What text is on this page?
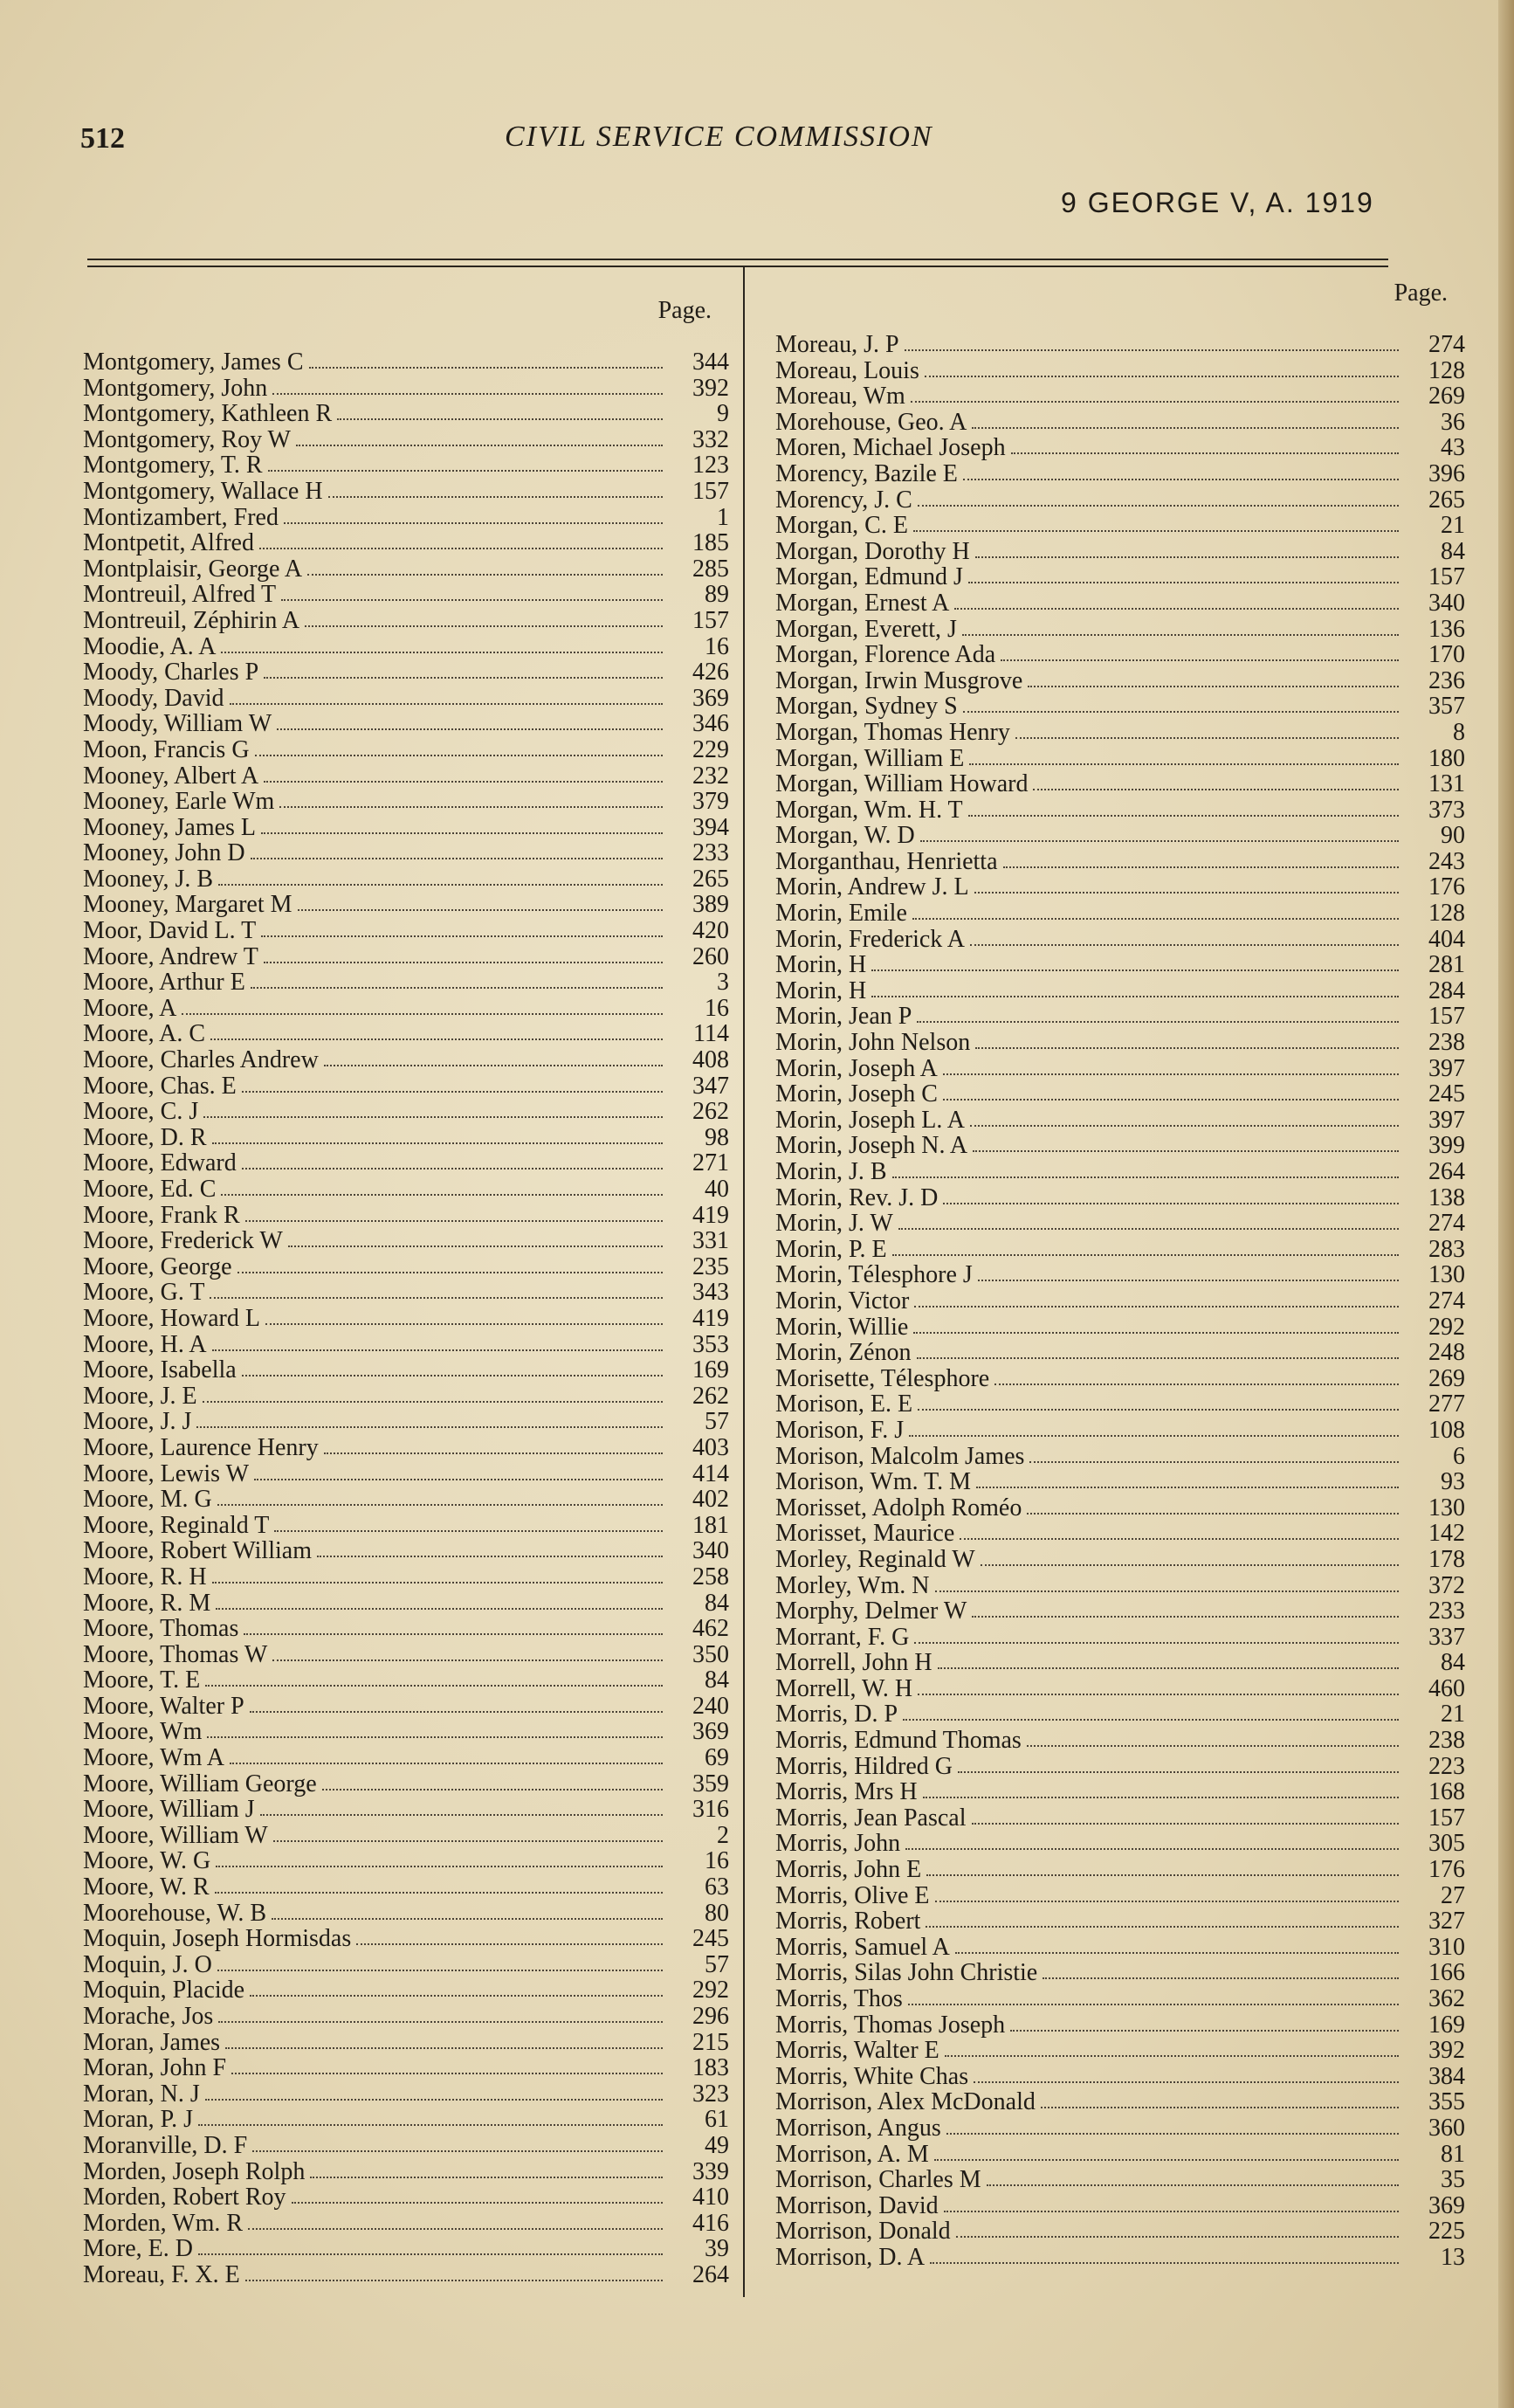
512	CIVIL SERVICE COMMISSION
9 GEORGE V, A. 1919
Page.
Montgomery, James C	344
Montgomery, John	392
Montgomery, Kathleen R	9
Montgomery, Roy W	332
Montgomery, T. R	123
Montgomery, Wallace H	157
Montizambert, Fred	1
Montpetit, Alfred	185
Montplaisir, George A	285
Montreuil, Alfred T	89
Montreuil, Zéphirin A	157
Moodie, A. A	16
Moody, Charles P	426
Moody, David	369
Moody, William W	346
Moon, Francis G	229
Mooney, Albert A	232
Mooney, Earle Wm	379
Mooney, James L	394
Mooney, John D	233
Mooney, J. B	265
Mooney, Margaret M	389
Moor, David L. T	420
Moore, Andrew T	260
Moore, Arthur E	3
Moore, A	16
Moore, A. C	114
Moore, Charles Andrew	408
Moore, Chas. E	347
Moore, C. J	262
Moore, D. R	98
Moore, Edward	271
Moore, Ed. C	40
Moore, Frank R	419
Moore, Frederick W	331
Moore, George	235
Moore, G. T	343
Moore, Howard L	419
Moore, H. A	353
Moore, Isabella	169
Moore, J. E	262
Moore, J. J	57
Moore, Laurence Henry	403
Moore, Lewis W	414
Moore, M. G	402
Moore, Reginald T	181
Moore, Robert William	340
Moore, R. H	258
Moore, R. M	84
Moore, Thomas	462
Moore, Thomas W	350
Moore, T. E	84
Moore, Walter P	240
Moore, Wm	369
Moore, Wm A	69
Moore, William George	359
Moore, William J	316
Moore, William W	2
Moore, W. G	16
Moore, W. R	63
Moorehouse, W. B	80
Moquin, Joseph Hormisdas	245
Moquin, J. O	57
Moquin, Placide	292
Morache, Jos	296
Moran, James	215
Moran, John F	183
Moran, N. J	323
Moran, P. J	61
Moranville, D. F	49
Morden, Joseph Rolph	339
Morden, Robert Roy	410
Morden, Wm. R	416
More, E. D	39
Moreau, F. X. E	264
Page.
Moreau, J. P	274
Moreau, Louis	128
Moreau, Wm	269
Morehouse, Geo. A	36
Moren, Michael Joseph	43
Morency, Bazile E	396
Morency, J. C	265
Morgan, C. E	21
Morgan, Dorothy H	84
Morgan, Edmund J	157
Morgan, Ernest A	340
Morgan, Everett, J	136
Morgan, Florence Ada	170
Morgan, Irwin Musgrove	236
Morgan, Sydney S	357
Morgan, Thomas Henry	8
Morgan, William E	180
Morgan, William Howard	131
Morgan, Wm. H. T	373
Morgan, W. D	90
Morganthau, Henrietta	243
Morin, Andrew J. L	176
Morin, Emile	128
Morin, Frederick A	404
Morin, H	281
Morin, H	284
Morin, Jean P	157
Morin, John Nelson	238
Morin, Joseph A	397
Morin, Joseph C	245
Morin, Joseph L. A	397
Morin, Joseph N. A	399
Morin, J. B	264
Morin, Rev. J. D	138
Morin, J. W	274
Morin, P. E	283
Morin, Télesphore J	130
Morin, Victor	274
Morin, Willie	292
Morin, Zénon	248
Morisette, Télesphore	269
Morison, E. E	277
Morison, F. J	108
Morison, Malcolm James	6
Morison, Wm. T. M	93
Morisset, Adolph Roméo	130
Morisset, Maurice	142
Morley, Reginald W	178
Morley, Wm. N	372
Morphy, Delmer W	233
Morrant, F. G	337
Morrell, John H	84
Morrell, W. H	460
Morris, D. P	21
Morris, Edmund Thomas	238
Morris, Hildred G	223
Morris, Mrs H	168
Morris, Jean Pascal	157
Morris, John	305
Morris, John E	176
Morris, Olive E	27
Morris, Robert	327
Morris, Samuel A	310
Morris, Silas John Christie	166
Morris, Thos	362
Morris, Thomas Joseph	169
Morris, Walter E	392
Morris, White Chas	384
Morrison, Alex McDonald	355
Morrison, Angus	360
Morrison, A. M	81
Morrison, Charles M	35
Morrison, David	369
Morrison, Donald	225
Morrison, D. A	13
